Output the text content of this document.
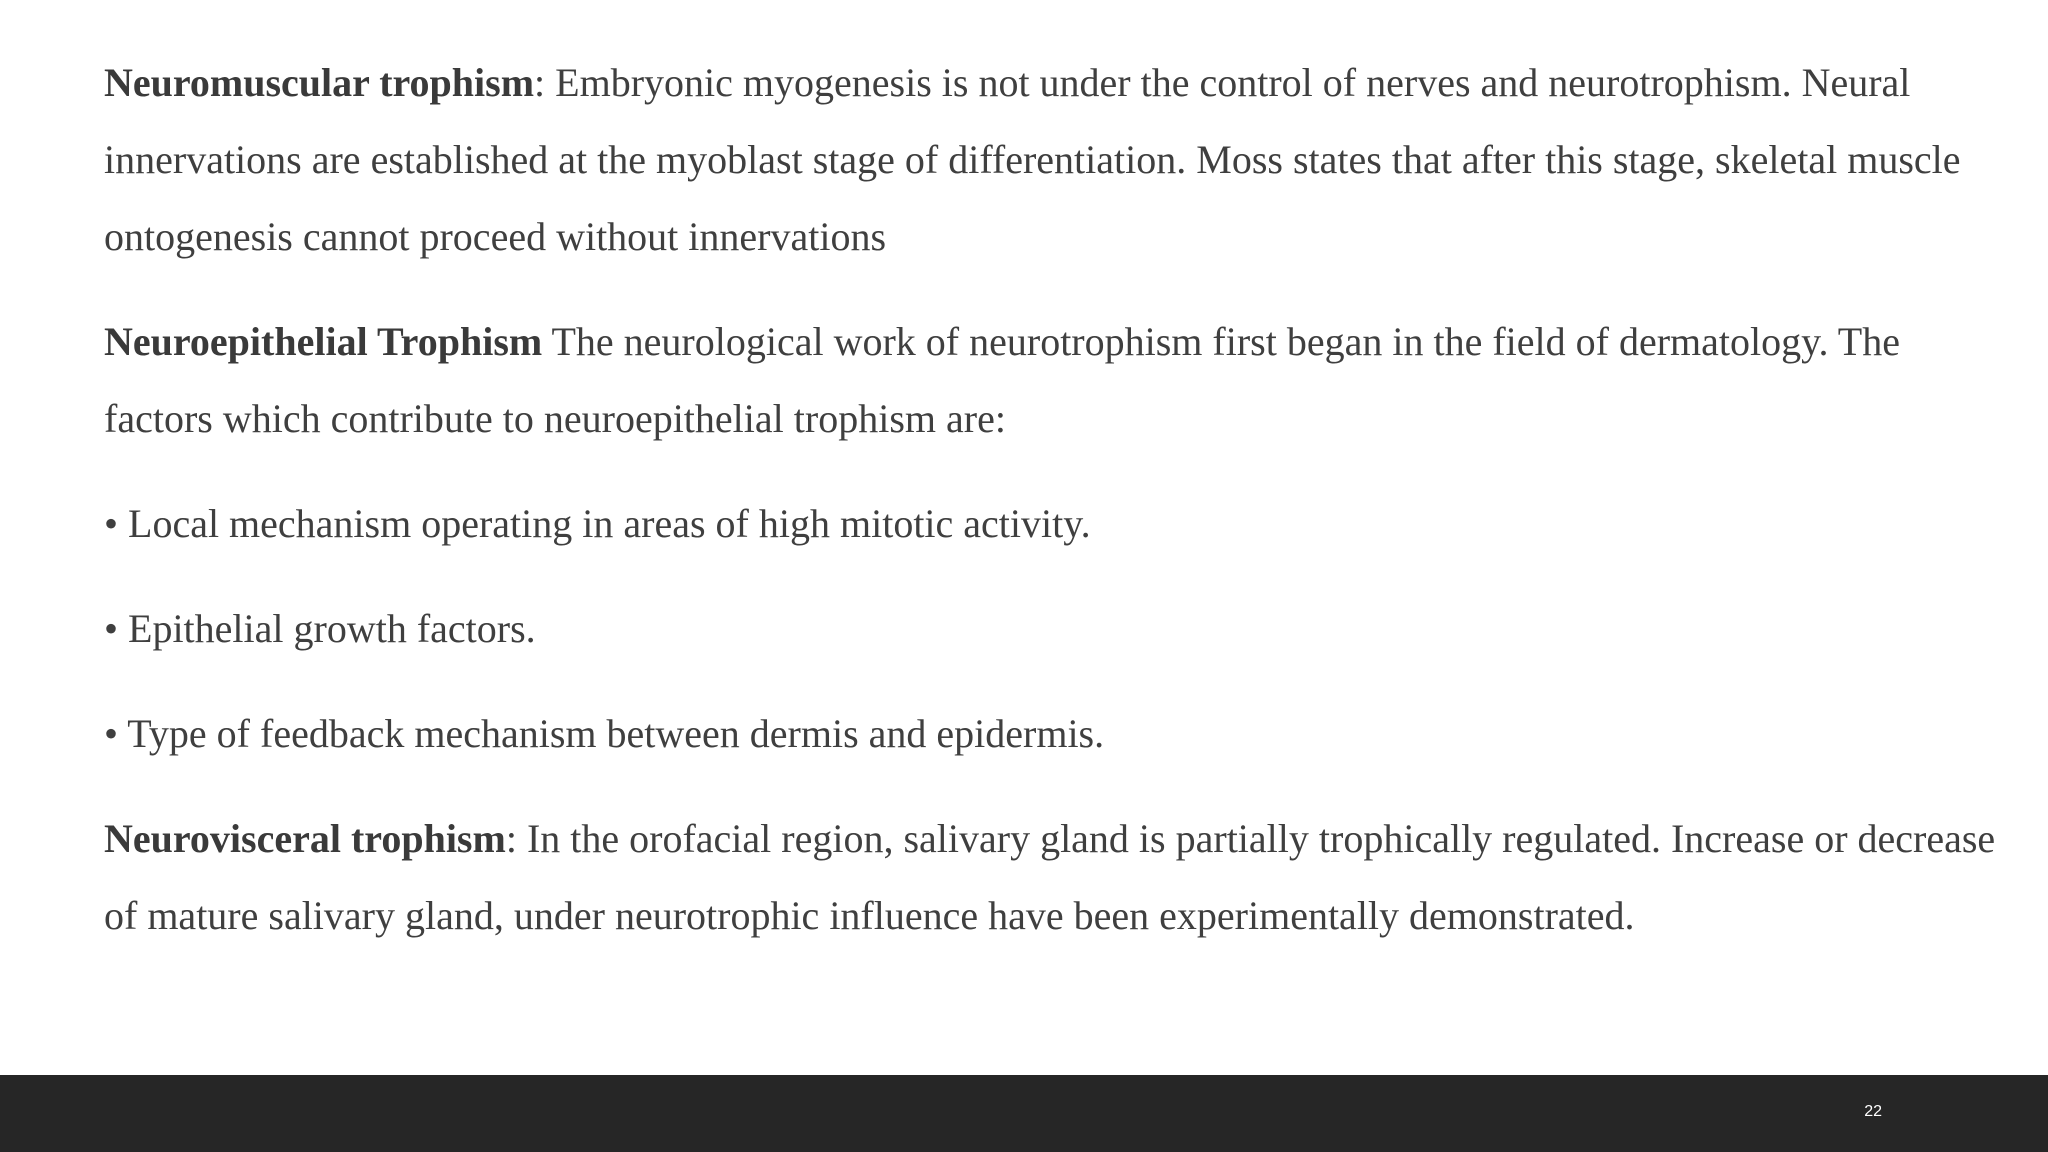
Neuromuscular trophism: Embryonic myogenesis is not under the control of nerves and neurotrophism. Neural innervations are established at the myoblast stage of differentiation. Moss states that after this stage, skeletal muscle ontogenesis cannot proceed without innervations

Neuroepithelial Trophism The neurological work of neurotrophism first began in the field of dermatology. The factors which contribute to neuroepithelial trophism are:

• Local mechanism operating in areas of high mitotic activity.

• Epithelial growth factors.

• Type of feedback mechanism between dermis and epidermis.

Neurovisceral trophism: In the orofacial region, salivary gland is partially trophically regulated. Increase or decrease of mature salivary gland, under neurotrophic influence have been experimentally demonstrated.

22
